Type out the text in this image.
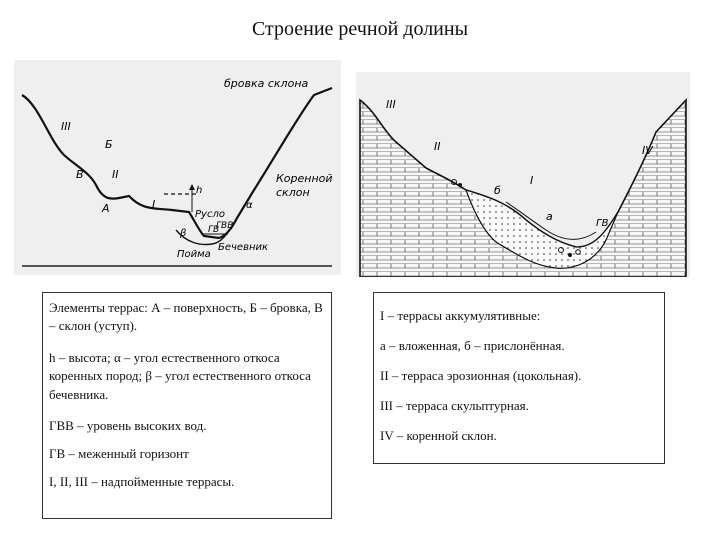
Строение речной долины
бровка склона
Коренной
склон
III
Б
В	II
А	I
h
Русло
ГВВ
ГВ
α
β
Пойма
Бечевник
III
II
I
IV
б
а
ГВ

Элементы террас: А – поверхность, Б – бровка, В – склон (уступ).

h – высота; α – угол естественного откоса коренных пород; β – угол естественного откоса бечевника.

ГВВ – уровень высоких вод.

ГВ – меженный горизонт

I, II, III – надпойменные террасы.

I – террасы аккумулятивные:

а – вложенная, б – прислонённая.

II – терраса эрозионная (цокольная).

III – терраса скульптурная.

IV – коренной склон.
